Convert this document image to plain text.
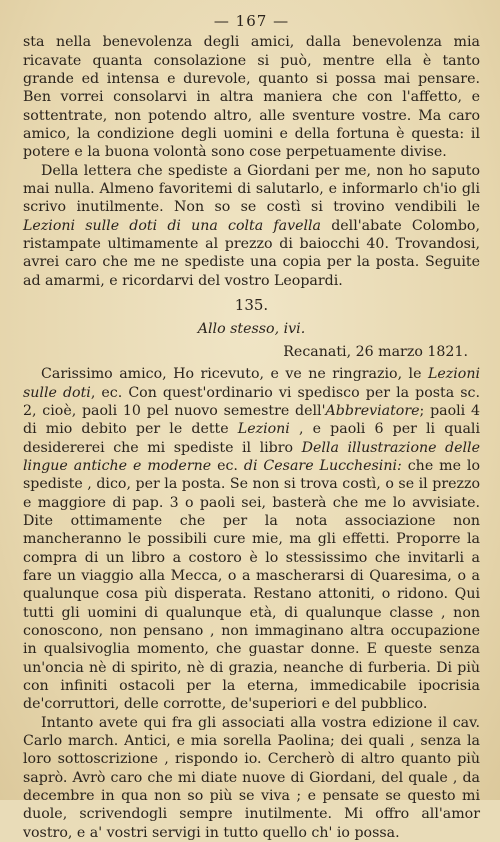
— 167 —

sta nella benevolenza degli amici, dalla benevolenza mia ricavate quanta consolazione si può, mentre ella è tanto grande ed intensa e durevole, quanto si possa mai pensare. Ben vorrei consolarvi in altra maniera che con l'affetto, e sottentrate, non potendo altro, alle sventure vostre. Ma caro amico, la condizione degli uomini e della fortuna è questa: il potere e la buona volontà sono cose perpetuamente divise.

Della lettera che spediste a Giordani per me, non ho saputo mai nulla. Almeno favoritemi di salutarlo, e informarlo ch'io gli scrivo inutilmente. Non so se costì si trovino vendibili le Lezioni sulle doti di una colta favella dell'abate Colombo, ristampate ultimamente al prezzo di baiocchi 40. Trovandosi, avrei caro che me ne spediste una copia per la posta. Seguite ad amarmi, e ricordarvi del vostro Leopardi.

135.
Allo stesso, ivi.
Recanati, 26 marzo 1821.

Carissimo amico, Ho ricevuto, e ve ne ringrazio, le Lezioni sulle doti, ec. Con quest'ordinario vi spedisco per la posta sc. 2, cioè, paoli 10 pel nuovo semestre dell'Abbreviatore; paoli 4 di mio debito per le dette Lezioni , e paoli 6 per li quali desidererei che mi spediste il libro Della illustrazione delle lingue antiche e moderne ec. di Cesare Lucchesini: che me lo spediste , dico, per la posta. Se non si trova costì, o se il prezzo e maggiore di pap. 3 o paoli sei, basterà che me lo avvisiate. Dite ottimamente che per la nota associazione non mancheranno le possibili cure mie, ma gli effetti. Proporre la compra di un libro a costoro è lo stessissimo che invitarli a fare un viaggio alla Mecca, o a mascherarsi di Quaresima, o a qualunque cosa più disperata. Restano attoniti, o ridono. Qui tutti gli uomini di qualunque età, di qualunque classe , non conoscono, non pensano , non immaginano altra occupazione in qualsivoglia momento, che guastar donne. E queste senza un'oncia nè di spirito, nè di grazia, neanche di furberia. Di più con infiniti ostacoli per la eterna, immedicabile ipocrisia de'corruttori, delle corrotte, de'superiori e del pubblico.

Intanto avete qui fra gli associati alla vostra edizione il cav. Carlo march. Antici, e mia sorella Paolina; dei quali , senza la loro sottoscrizione , rispondo io. Cercherò di altro quanto più saprò. Avrò caro che mi diate nuove di Giordani, del quale , da decembre in qua non so più se viva ; e pensate se questo mi duole, scrivendogli sempre inutilmente. Mi offro all'amor vostro, e a' vostri servigi in tutto quello ch' io possa.
